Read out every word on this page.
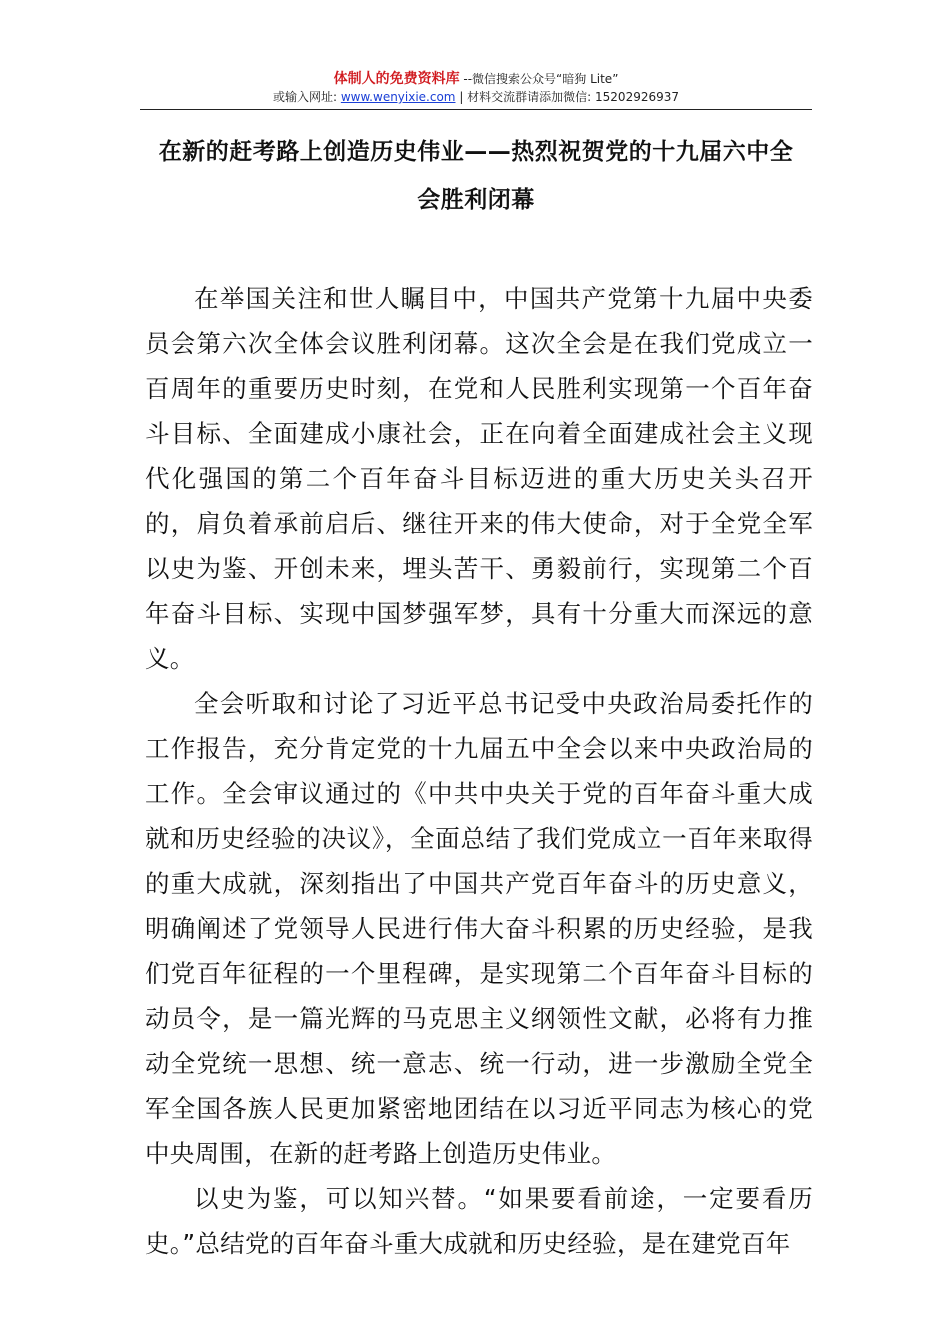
体制人的免费资料库 --微信搜索公众号“暗狗 Lite”
或输入网址: www.wenyixie.com | 材料交流群请添加微信: 15202926937
在新的赶考路上创造历史伟业——热烈祝贺党的十九届六中全
会胜利闭幕

在举国关注和世人瞩目中，中国共产党第十九届中央委员会第六次全体会议胜利闭幕。这次全会是在我们党成立一百周年的重要历史时刻，在党和人民胜利实现第一个百年奋斗目标、全面建成小康社会，正在向着全面建成社会主义现代化强国的第二个百年奋斗目标迈进的重大历史关头召开的，肩负着承前启后、继往开来的伟大使命，对于全党全军以史为鉴、开创未来，埋头苦干、勇毅前行，实现第二个百年奋斗目标、实现中国梦强军梦，具有十分重大而深远的意义。

全会听取和讨论了习近平总书记受中央政治局委托作的工作报告，充分肯定党的十九届五中全会以来中央政治局的工作。全会审议通过的《中共中央关于党的百年奋斗重大成就和历史经验的决议》，全面总结了我们党成立一百年来取得的重大成就，深刻指出了中国共产党百年奋斗的历史意义，明确阐述了党领导人民进行伟大奋斗积累的历史经验，是我们党百年征程的一个里程碑，是实现第二个百年奋斗目标的动员令，是一篇光辉的马克思主义纲领性文献，必将有力推动全党统一思想、统一意志、统一行动，进一步激励全党全军全国各族人民更加紧密地团结在以习近平同志为核心的党中央周围，在新的赶考路上创造历史伟业。

以史为鉴，可以知兴替。“如果要看前途，一定要看历史。”总结党的百年奋斗重大成就和历史经验，是在建党百年
